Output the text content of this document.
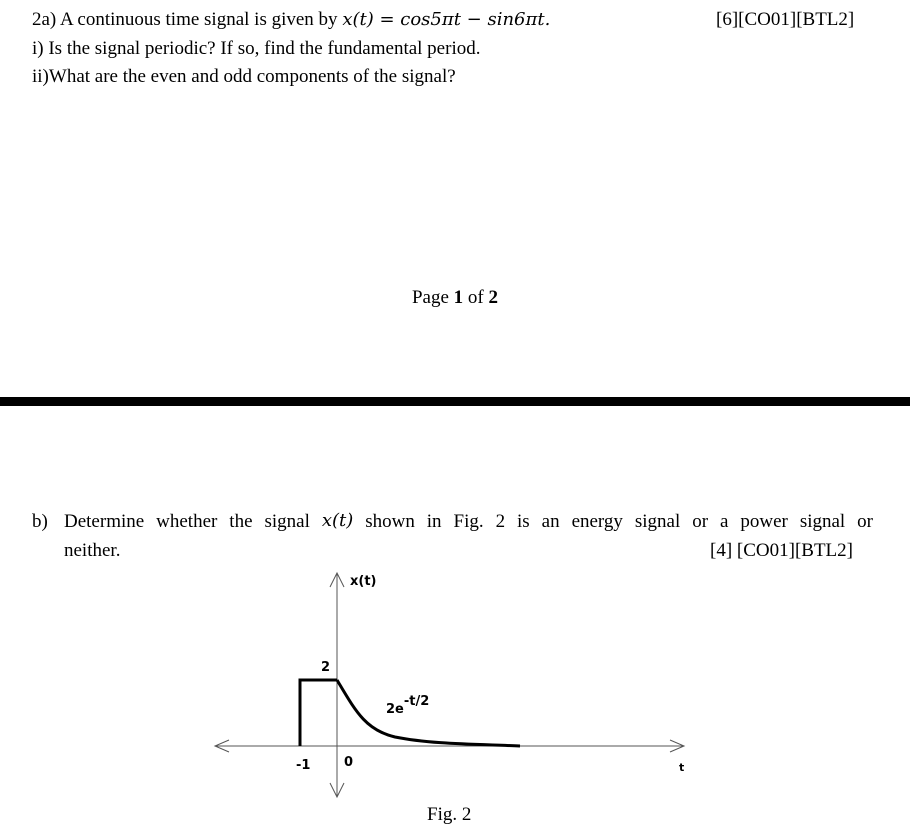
2a) A continuous time signal is given by x(t) = cos5πt − sin6πt.	[6][CO01][BTL2]
i) Is the signal periodic? If so, find the fundamental period.
ii)What are the even and odd components of the signal?
Page 1 of 2
b) Determine whether the signal x(t) shown in Fig. 2 is an energy signal or a power signal or
neither.	[4] [CO01][BTL2]
x(t)
t
2
2e-t/2
-1	0
Fig. 2
